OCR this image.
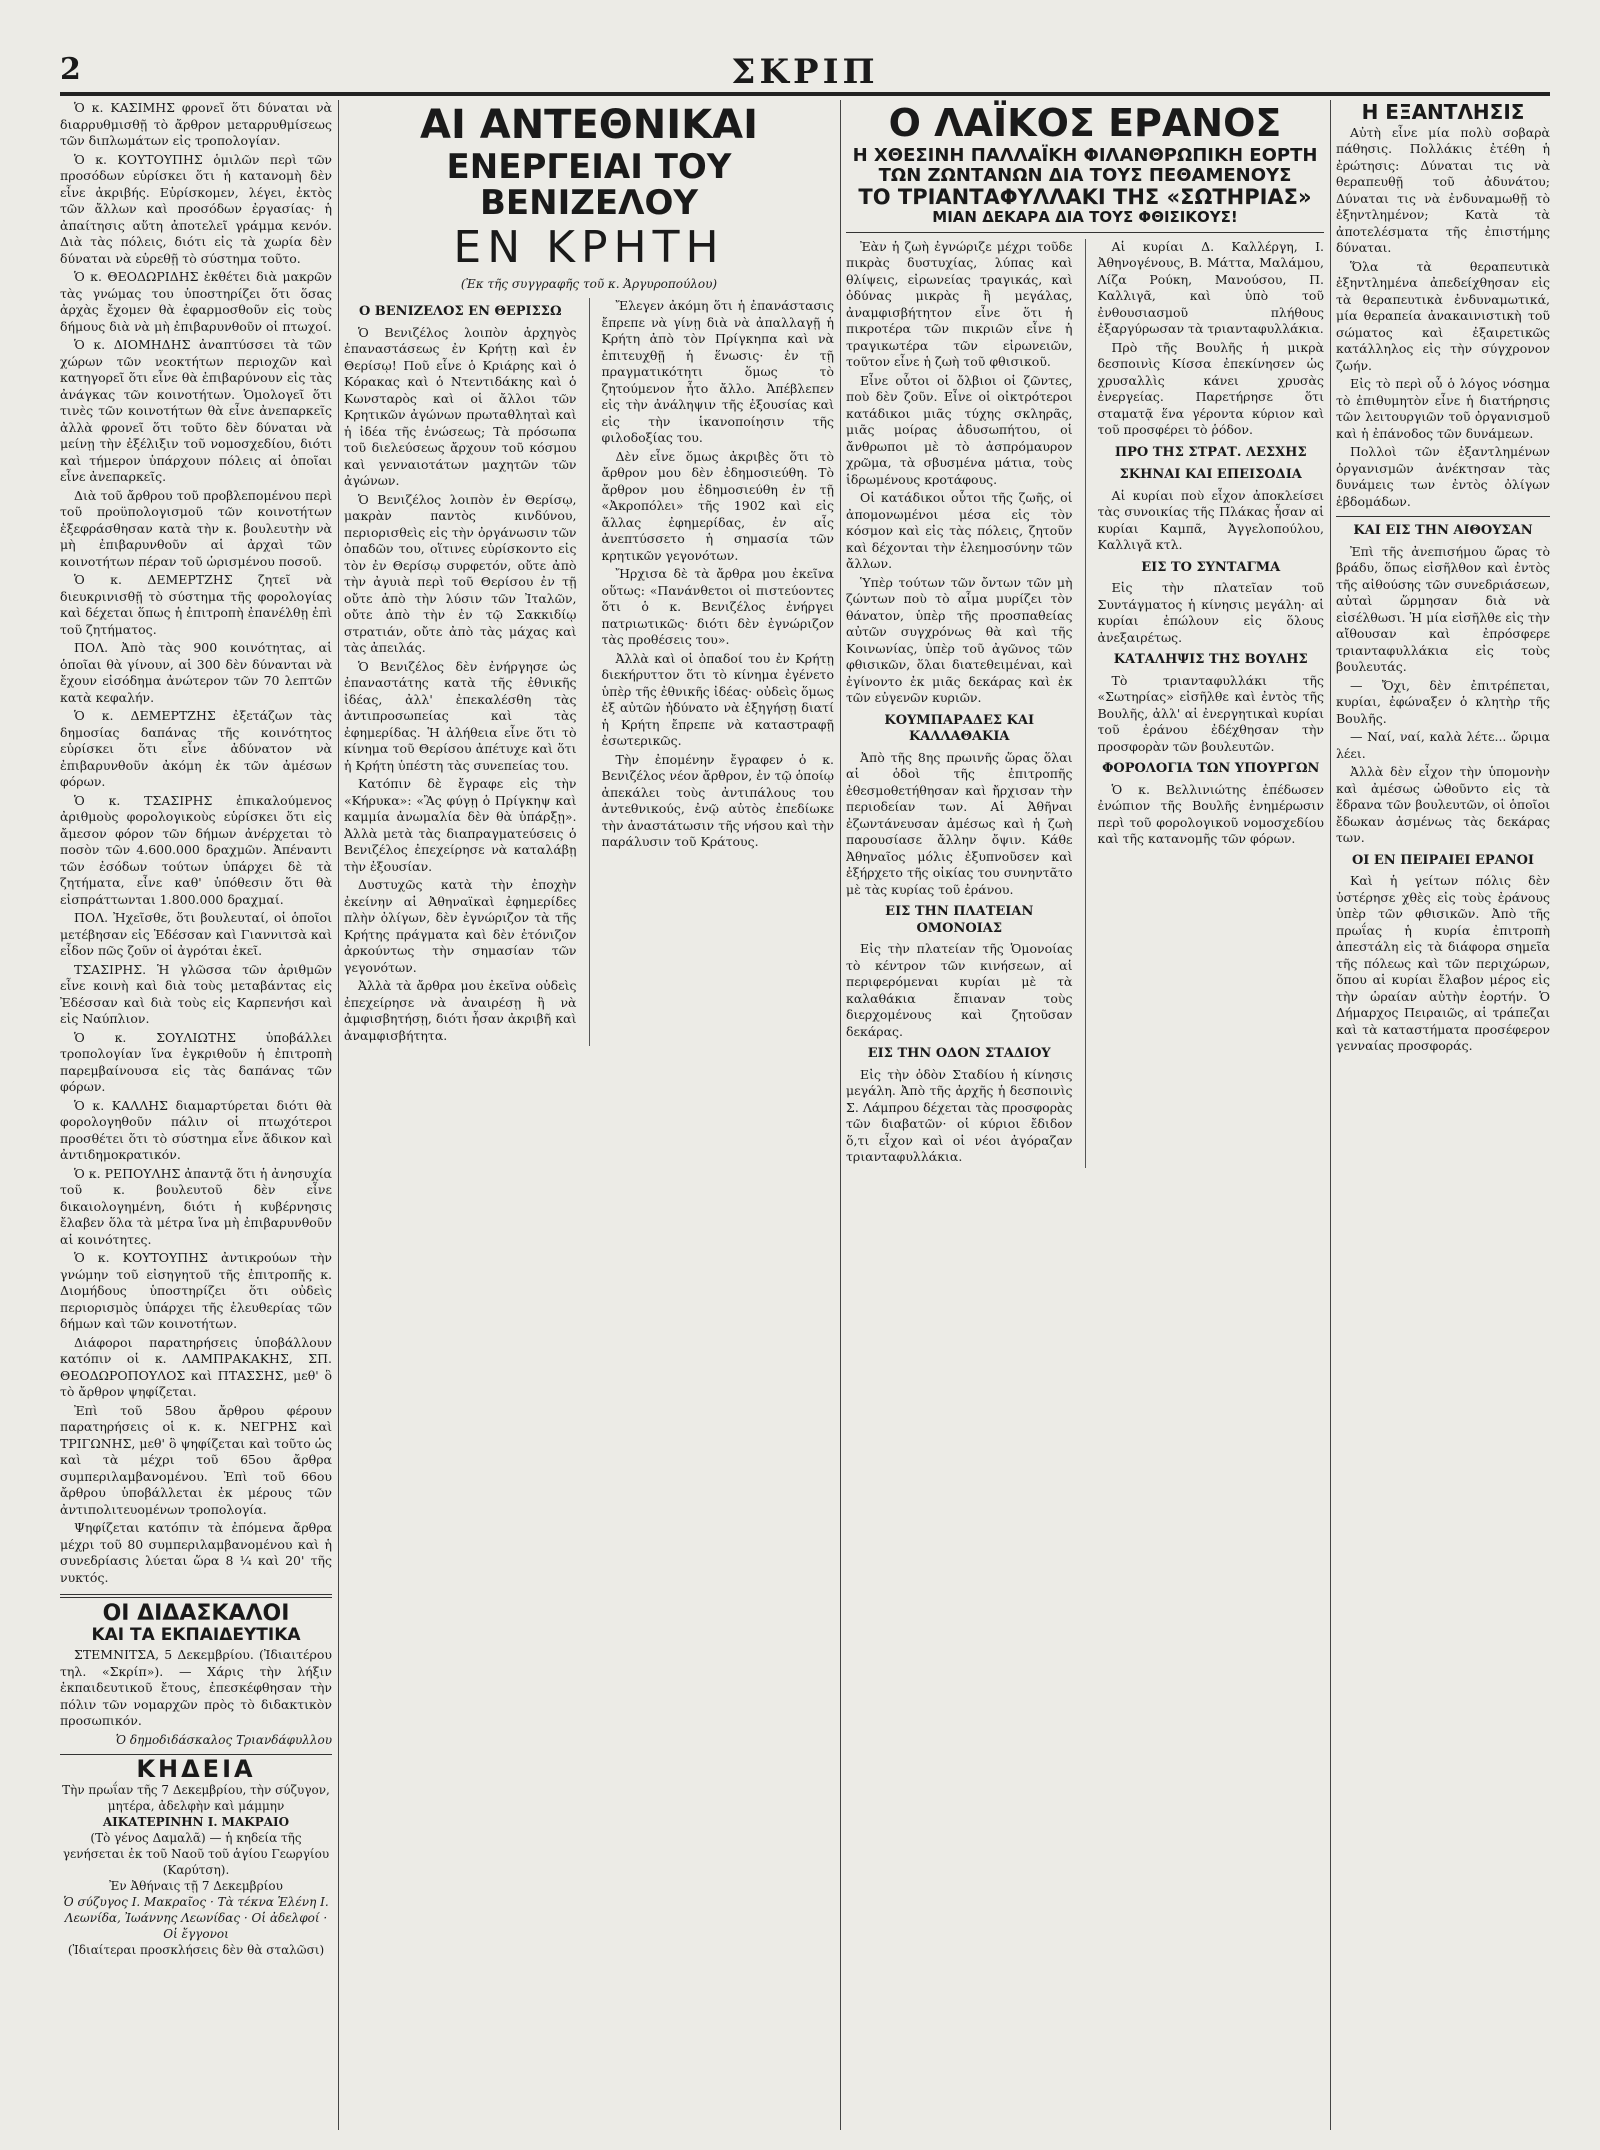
2	ΣΚΡΙΠ

Ὁ κ. ΚΑΣΙΜΗΣ φρονεῖ ὅτι δύναται νὰ διαρρυθμισθῇ τὸ ἄρθρον μεταρρυθμίσεως τῶν διπλωμάτων εἰς τροπολογίαν.

Ὁ κ. ΚΟΥΤΟΥΠΗΣ ὁμιλῶν περὶ τῶν προσόδων εὑρίσκει ὅτι ἡ κατανομὴ δὲν εἶνε ἀκριβής. Εὑρίσκομεν, λέγει, ἐκτὸς τῶν ἄλλων καὶ προσόδων ἐργασίας· ἡ ἀπαίτησις αὕτη ἀποτελεῖ γράμμα κενόν. Διὰ τὰς πόλεις, διότι εἰς τὰ χωρία δὲν δύναται νὰ εὑρεθῇ τὸ σύστημα τοῦτο.

Ὁ κ. ΘΕΟΔΩΡΙΔΗΣ ἐκθέτει διὰ μακρῶν τὰς γνώμας του ὑποστηρίζει ὅτι ὅσας ἀρχὰς ἔχομεν θὰ ἐφαρμοσθοῦν εἰς τοὺς δήμους διὰ νὰ μὴ ἐπιβαρυνθοῦν οἱ πτωχοί.

Ὁ κ. ΔΙΟΜΗΔΗΣ ἀναπτύσσει τὰ τῶν χώρων τῶν νεοκτήτων περιοχῶν καὶ κατηγορεῖ ὅτι εἶνε θὰ ἐπιβαρύνουν εἰς τὰς ἀνάγκας τῶν κοινοτήτων. Ὁμολογεῖ ὅτι τινὲς τῶν κοινοτήτων θὰ εἶνε ἀνεπαρκεῖς ἀλλὰ φρονεῖ ὅτι τοῦτο δὲν δύναται νὰ μείνῃ τὴν ἐξέλιξιν τοῦ νομοσχεδίου, διότι καὶ τήμερον ὑπάρχουν πόλεις αἱ ὁποῖαι εἶνε ἀνεπαρκεῖς.

Διὰ τοῦ ἄρθρου τοῦ προβλεπομένου περὶ τοῦ προϋπολογισμοῦ τῶν κοινοτήτων ἐξεφράσθησαν κατὰ τὴν κ. βουλευτὴν νὰ μὴ ἐπιβαρυνθοῦν αἱ ἀρχαὶ τῶν κοινοτήτων πέραν τοῦ ὡρισμένου ποσοῦ.

Ὁ κ. ΔΕΜΕΡΤΖΗΣ ζητεῖ νὰ διευκρινισθῇ τὸ σύστημα τῆς φορολογίας καὶ δέχεται ὅπως ἡ ἐπιτροπὴ ἐπανέλθῃ ἐπὶ τοῦ ζητήματος.

ΠΟΛ. Ἀπὸ τὰς 900 κοινότητας, αἱ ὁποῖαι θὰ γίνουν, αἱ 300 δὲν δύνανται νὰ ἔχουν εἰσόδημα ἀνώτερον τῶν 70 λεπτῶν κατὰ κεφαλήν.

Ὁ κ. ΔΕΜΕΡΤΖΗΣ ἐξετάζων τὰς δημοσίας δαπάνας τῆς κοινότητος εὑρίσκει ὅτι εἶνε ἀδύνατον νὰ ἐπιβαρυνθοῦν ἀκόμη ἐκ τῶν ἀμέσων φόρων.

Ὁ κ. ΤΣΑΣΙΡΗΣ ἐπικαλούμενος ἀριθμοὺς φορολογικοὺς εὑρίσκει ὅτι εἰς ἄμεσον φόρον τῶν δήμων ἀνέρχεται τὸ ποσὸν τῶν 4.600.000 δραχμῶν. Ἀπέναντι τῶν ἐσόδων τούτων ὑπάρχει δὲ τὰ ζητήματα, εἶνε καθ' ὑπόθεσιν ὅτι θὰ εἰσπράττωνται 1.800.000 δραχμαί.

ΠΟΛ. Ἠχεῖσθε, ὅτι βουλευταί, οἱ ὁποῖοι μετέβησαν εἰς Ἐδέσσαν καὶ Γιαννιτσὰ καὶ εἶδον πῶς ζοῦν οἱ ἀγρόται ἐκεῖ.

ΤΣΑΣΙΡΗΣ. Ἡ γλῶσσα τῶν ἀριθμῶν εἶνε κοινὴ καὶ διὰ τοὺς μεταβάντας εἰς Ἐδέσσαν καὶ διὰ τοὺς εἰς Καρπενήσι καὶ εἰς Ναύπλιον.

Ὁ κ. ΣΟΥΛΙΩΤΗΣ ὑποβάλλει τροπολογίαν ἵνα ἐγκριθοῦν ἡ ἐπιτροπὴ παρεμβαίνουσα εἰς τὰς δαπάνας τῶν φόρων.

Ὁ κ. ΚΑΛΛΗΣ διαμαρτύρεται διότι θὰ φορολογηθοῦν πάλιν οἱ πτωχότεροι προσθέτει ὅτι τὸ σύστημα εἶνε ἄδικον καὶ ἀντιδημοκρατικόν.

Ὁ κ. ΡΕΠΟΥΛΗΣ ἀπαντᾷ ὅτι ἡ ἀνησυχία τοῦ κ. βουλευτοῦ δὲν εἶνε δικαιολογημένη, διότι ἡ κυβέρνησις ἔλαβεν ὅλα τὰ μέτρα ἵνα μὴ ἐπιβαρυνθοῦν αἱ κοινότητες.

Ὁ κ. ΚΟΥΤΟΥΠΗΣ ἀντικρούων τὴν γνώμην τοῦ εἰσηγητοῦ τῆς ἐπιτροπῆς κ. Διομήδους ὑποστηρίζει ὅτι οὐδεὶς περιορισμὸς ὑπάρχει τῆς ἐλευθερίας τῶν δήμων καὶ τῶν κοινοτήτων.

Διάφοροι παρατηρήσεις ὑποβάλλουν κατόπιν οἱ κ. ΛΑΜΠΡΑΚΑΚΗΣ, ΣΠ. ΘΕΟΔΩΡΟΠΟΥΛΟΣ καὶ ΠΤΑΣΣΗΣ, μεθ' ὃ τὸ ἄρθρον ψηφίζεται.

Ἐπὶ τοῦ 58ου ἄρθρου φέρουν παρατηρήσεις οἱ κ. κ. ΝΕΓΡΗΣ καὶ ΤΡΙΓΩΝΗΣ, μεθ' ὃ ψηφίζεται καὶ τοῦτο ὡς καὶ τὰ μέχρι τοῦ 65ου ἄρθρα συμπεριλαμβανομένου. Ἐπὶ τοῦ 66ου ἄρθρου ὑποβάλλεται ἐκ μέρους τῶν ἀντιπολιτευομένων τροπολογία.

Ψηφίζεται κατόπιν τὰ ἐπόμενα ἄρθρα μέχρι τοῦ 80 συμπεριλαμβανομένου καὶ ἡ συνεδρίασις λύεται ὥρα 8 ¼ καὶ 20' τῆς νυκτός.

ΟΙ ΔΙΔΑΣΚΑΛΟΙ
ΚΑΙ ΤΑ ΕΚΠΑΙΔΕΥΤΙΚΑ

ΣΤΕΜΝΙΤΣΑ, 5 Δεκεμβρίου. (Ἰδιαιτέρου τηλ. «Σκρίπ»). — Χάρις τὴν λήξιν ἐκπαιδευτικοῦ ἔτους, ἐπεσκέφθησαν τὴν πόλιν τῶν νομαρχῶν πρὸς τὸ διδακτικὸν προσωπικόν.

Ὁ δημοδιδάσκαλος Τριανδάφυλλου
ΚΗΔΕΙΑ
Τὴν πρωΐαν τῆς 7 Δεκεμβρίου, τὴν σύζυγον, μητέρα, ἀδελφὴν καὶ μάμμην
ΑΙΚΑΤΕΡΙΝΗΝ Ι. ΜΑΚΡΑΙΟ
(Τὸ γένος Δαμαλᾶ) — ἡ κηδεία τῆς γενήσεται ἐκ τοῦ Ναοῦ τοῦ ἁγίου Γεωργίου (Καρύτση).
Ἐν Ἀθήναις τῇ 7 Δεκεμβρίου
Ὁ σύζυγος Ι. Μακραῖος · Τὰ τέκνα Ἑλένη Ι. Λεωνίδα, Ἰωάννης Λεωνίδας · Οἱ ἀδελφοί · Οἱ ἔγγονοι
(Ἰδιαίτεραι προσκλήσεις δὲν θὰ σταλῶσι)
ΑΙ ΑΝΤΕΘΝΙΚΑΙ
ΕΝΕΡΓΕΙΑΙ ΤΟΥ ΒΕΝΙΖΕΛΟΥ
ΕΝ ΚΡΗΤΗ
(Ἐκ τῆς συγγραφῆς τοῦ κ. Ἀργυροπούλου)
Ο ΒΕΝΙΖΕΛΟΣ ΕΝ ΘΕΡΙΣΣΩ

Ὁ Βενιζέλος λοιπὸν ἀρχηγὸς ἐπαναστάσεως ἐν Κρήτῃ καὶ ἐν Θερίσῳ! Ποῦ εἶνε ὁ Κριάρης καὶ ὁ Κόρακας καὶ ὁ Ντεντιδάκης καὶ ὁ Κωνσταρὸς καὶ οἱ ἄλλοι τῶν Κρητικῶν ἀγώνων πρωταθληταὶ καὶ ἡ ἰδέα τῆς ἑνώσεως; Τὰ πρόσωπα τοῦ διελεύσεως ἄρχουν τοῦ κόσμου καὶ γενναιοτάτων μαχητῶν τῶν ἀγώνων.

Ὁ Βενιζέλος λοιπὸν ἐν Θερίσῳ, μακρὰν παντὸς κινδύνου, περιορισθεὶς εἰς τὴν ὀργάνωσιν τῶν ὀπαδῶν του, οἵτινες εὑρίσκοντο εἰς τὸν ἐν Θερίσῳ συρφετόν, οὔτε ἀπὸ τὴν ἀγυιὰ περὶ τοῦ Θερίσου ἐν τῇ οὔτε ἀπὸ τὴν λύσιν τῶν Ἰταλῶν, οὔτε ἀπὸ τὴν ἐν τῷ Σακκιδίῳ στρατιάν, οὔτε ἀπὸ τὰς μάχας καὶ τὰς ἀπειλάς.

Ὁ Βενιζέλος δὲν ἐνήργησε ὡς ἐπαναστάτης κατὰ τῆς ἐθνικῆς ἰδέας, ἀλλ' ἐπεκαλέσθη τὰς ἀντιπροσωπείας καὶ τὰς ἐφημερίδας. Ἡ ἀλήθεια εἶνε ὅτι τὸ κίνημα τοῦ Θερίσου ἀπέτυχε καὶ ὅτι ἡ Κρήτη ὑπέστη τὰς συνεπείας του.

Κατόπιν δὲ ἔγραφε εἰς τὴν «Κήρυκα»: «Ἂς φύγῃ ὁ Πρίγκηψ καὶ καμμία ἀνωμαλία δὲν θὰ ὑπάρξῃ». Ἀλλὰ μετὰ τὰς διαπραγματεύσεις ὁ Βενιζέλος ἐπεχείρησε νὰ καταλάβῃ τὴν ἐξουσίαν.

Δυστυχῶς κατὰ τὴν ἐποχὴν ἐκείνην αἱ Ἀθηναϊκαὶ ἐφημερίδες πλὴν ὀλίγων, δὲν ἐγνώριζον τὰ τῆς Κρήτης πράγματα καὶ δὲν ἐτόνιζον ἀρκούντως τὴν σημασίαν τῶν γεγονότων.

Ἀλλὰ τὰ ἄρθρα μου ἐκεῖνα οὐδεὶς ἐπεχείρησε νὰ ἀναιρέσῃ ἢ νὰ ἀμφισβητήσῃ, διότι ἦσαν ἀκριβῆ καὶ ἀναμφισβήτητα.

Ἔλεγεν ἀκόμη ὅτι ἡ ἐπανάστασις ἔπρεπε νὰ γίνῃ διὰ νὰ ἀπαλλαγῇ ἡ Κρήτη ἀπὸ τὸν Πρίγκηπα καὶ νὰ ἐπιτευχθῇ ἡ ἕνωσις· ἐν τῇ πραγματικότητι ὅμως τὸ ζητούμενον ἦτο ἄλλο. Ἀπέβλεπεν εἰς τὴν ἀνάληψιν τῆς ἐξουσίας καὶ εἰς τὴν ἱκανοποίησιν τῆς φιλοδοξίας του.

Δὲν εἶνε ὅμως ἀκριβὲς ὅτι τὸ ἄρθρον μου δὲν ἐδημοσιεύθη. Τὸ ἄρθρον μου ἐδημοσιεύθη ἐν τῇ «Ἀκροπόλει» τῆς 1902 καὶ εἰς ἄλλας ἐφημερίδας, ἐν αἷς ἀνεπτύσσετο ἡ σημασία τῶν κρητικῶν γεγονότων.

Ἤρχισα δὲ τὰ ἄρθρα μου ἐκεῖνα οὕτως: «Πανάνθετοι οἱ πιστεύοντες ὅτι ὁ κ. Βενιζέλος ἐνήργει πατριωτικῶς· διότι δὲν ἐγνώριζον τὰς προθέσεις του».

Ἀλλὰ καὶ οἱ ὀπαδοί του ἐν Κρήτῃ διεκήρυττον ὅτι τὸ κίνημα ἐγένετο ὑπὲρ τῆς ἐθνικῆς ἰδέας· οὐδεὶς ὅμως ἐξ αὐτῶν ἠδύνατο νὰ ἐξηγήσῃ διατί ἡ Κρήτη ἔπρεπε νὰ καταστραφῇ ἐσωτερικῶς.

Τὴν ἐπομένην ἔγραφεν ὁ κ. Βενιζέλος νέον ἄρθρον, ἐν τῷ ὁποίῳ ἀπεκάλει τοὺς ἀντιπάλους του ἀντεθνικούς, ἐνῷ αὐτὸς ἐπεδίωκε τὴν ἀναστάτωσιν τῆς νήσου καὶ τὴν παράλυσιν τοῦ Κράτους.

Ο ΛΑΪΚΟΣ ΕΡΑΝΟΣ
Η ΧΘΕΣΙΝΗ ΠΑΛΛΑΪΚΗ ΦΙΛΑΝΘΡΩΠΙΚΗ ΕΟΡΤΗ
ΤΩΝ ΖΩΝΤΑΝΩΝ ΔΙΑ ΤΟΥΣ ΠΕΘΑΜΕΝΟΥΣ
ΤΟ ΤΡΙΑΝΤΑΦΥΛΛΑΚΙ ΤΗΣ «ΣΩΤΗΡΙΑΣ»
ΜΙΑΝ ΔΕΚΑΡΑ ΔΙΑ ΤΟΥΣ ΦΘΙΣΙΚΟΥΣ!

Ἐὰν ἡ ζωὴ ἐγνώριζε μέχρι τοῦδε πικρὰς δυστυχίας, λύπας καὶ θλίψεις, εἰρωνείας τραγικάς, καὶ ὀδύνας μικρὰς ἢ μεγάλας, ἀναμφισβήτητον εἶνε ὅτι ἡ πικροτέρα τῶν πικριῶν εἶνε ἡ τραγικωτέρα τῶν εἰρωνειῶν, τοῦτον εἶνε ἡ ζωὴ τοῦ φθισικοῦ.

Εἶνε οὗτοι οἱ ὄλβιοι οἱ ζῶντες, ποὺ δὲν ζοῦν. Εἶνε οἱ οἰκτρότεροι κατάδικοι μιᾶς τύχης σκληρᾶς, μιᾶς μοίρας ἀδυσωπήτου, οἱ ἄνθρωποι μὲ τὸ ἀσπρόμαυρον χρῶμα, τὰ σβυσμένα μάτια, τοὺς ἱδρωμένους κροτάφους.

Οἱ κατάδικοι οὗτοι τῆς ζωῆς, οἱ ἀπομονωμένοι μέσα εἰς τὸν κόσμον καὶ εἰς τὰς πόλεις, ζητοῦν καὶ δέχονται τὴν ἐλεημοσύνην τῶν ἄλλων.

Ὑπὲρ τούτων τῶν ὄντων τῶν μὴ ζώντων ποὺ τὸ αἷμα μυρίζει τὸν θάνατον, ὑπὲρ τῆς προσπαθείας αὐτῶν συγχρόνως θὰ καὶ τῆς Κοινωνίας, ὑπὲρ τοῦ ἀγῶνος τῶν φθισικῶν, ὅλαι διατεθειμέναι, καὶ ἐγίνοντο ἐκ μιᾶς δεκάρας καὶ ἐκ τῶν εὐγενῶν κυριῶν.

ΚΟΥΜΠΑΡΑΔΕΣ ΚΑΙ ΚΑΛΛΑΘΑΚΙΑ

Ἀπὸ τῆς 8ης πρωινῆς ὥρας ὅλαι αἱ ὁδοὶ τῆς ἐπιτροπῆς ἐθεσμοθετήθησαν καὶ ἤρχισαν τὴν περιοδείαν των. Αἱ Ἀθῆναι ἐζωντάνευσαν ἀμέσως καὶ ἡ ζωὴ παρουσίασε ἄλλην ὄψιν. Κάθε Ἀθηναῖος μόλις ἐξυπνοῦσεν καὶ ἐξήρχετο τῆς οἰκίας του συνηντᾶτο μὲ τὰς κυρίας τοῦ ἐράνου.

ΕΙΣ ΤΗΝ ΠΛΑΤΕΙΑΝ ΟΜΟΝΟΙΑΣ

Εἰς τὴν πλατείαν τῆς Ὁμονοίας τὸ κέντρον τῶν κινήσεων, αἱ περιφερόμεναι κυρίαι μὲ τὰ καλαθάκια ἔπιαναν τοὺς διερχομένους καὶ ζητοῦσαν δεκάρας.

ΕΙΣ ΤΗΝ ΟΔΟΝ ΣΤΑΔΙΟΥ

Εἰς τὴν ὁδὸν Σταδίου ἡ κίνησις μεγάλη. Ἀπὸ τῆς ἀρχῆς ἡ δεσποινὶς Σ. Λάμπρου δέχεται τὰς προσφορὰς τῶν διαβατῶν· οἱ κύριοι ἔδιδον ὅ,τι εἶχον καὶ οἱ νέοι ἀγόραζαν τριανταφυλλάκια.

Αἱ κυρίαι Δ. Καλλέργη, Ι. Ἀθηνογένους, Β. Μάττα, Μαλάμου, Λίζα Ρούκη, Μανούσου, Π. Καλλιγᾶ, καὶ ὑπὸ τοῦ ἐνθουσιασμοῦ πλήθους ἐξαργύρωσαν τὰ τριανταφυλλάκια.

Πρὸ τῆς Βουλῆς ἡ μικρὰ δεσποινὶς Κίσσα ἐπεκίνησεν ὡς χρυσαλλὶς κάνει χρυσὰς ἐνεργείας. Παρετήρησε ὅτι σταματᾷ ἕνα γέροντα κύριον καὶ τοῦ προσφέρει τὸ ῥόδον.

ΠΡΟ ΤΗΣ ΣΤΡΑΤ. ΛΕΣΧΗΣ
ΣΚΗΝΑΙ ΚΑΙ ΕΠΕΙΣΟΔΙΑ

Αἱ κυρίαι ποὺ εἶχον ἀποκλείσει τὰς συνοικίας τῆς Πλάκας ἦσαν αἱ κυρίαι Καμπᾶ, Ἀγγελοπούλου, Καλλιγᾶ κτλ.

ΕΙΣ ΤΟ ΣΥΝΤΑΓΜΑ

Εἰς τὴν πλατεῖαν τοῦ Συντάγματος ἡ κίνησις μεγάλη· αἱ κυρίαι ἐπώλουν εἰς ὅλους ἀνεξαιρέτως.

ΚΑΤΑΛΗΨΙΣ ΤΗΣ ΒΟΥΛΗΣ

Τὸ τριανταφυλλάκι τῆς «Σωτηρίας» εἰσῆλθε καὶ ἐντὸς τῆς Βουλῆς, ἀλλ' αἱ ἐνεργητικαὶ κυρίαι τοῦ ἐράνου ἐδέχθησαν τὴν προσφορὰν τῶν βουλευτῶν.

ΦΟΡΟΛΟΓΙΑ ΤΩΝ ΥΠΟΥΡΓΩΝ

Ὁ κ. Βελλινιώτης ἐπέδωσεν ἐνώπιον τῆς Βουλῆς ἐνημέρωσιν περὶ τοῦ φορολογικοῦ νομοσχεδίου καὶ τῆς κατανομῆς τῶν φόρων.

Η ΕΞΑΝΤΛΗΣΙΣ

Αὐτὴ εἶνε μία πολὺ σοβαρὰ πάθησις. Πολλάκις ἐτέθη ἡ ἐρώτησις: Δύναται τις νὰ θεραπευθῇ τοῦ ἀδυνάτου; Δύναται τις νὰ ἐνδυναμωθῇ τὸ ἐξηντλημένον; Κατὰ τὰ ἀποτελέσματα τῆς ἐπιστήμης δύναται.

Ὅλα τὰ θεραπευτικὰ ἐξηντλημένα ἀπεδείχθησαν εἰς τὰ θεραπευτικὰ ἐνδυναμωτικά, μία θεραπεία ἀνακαινιστικὴ τοῦ σώματος καὶ ἐξαιρετικῶς κατάλληλος εἰς τὴν σύγχρονον ζωήν.

Εἰς τὸ περὶ οὗ ὁ λόγος νόσημα τὸ ἐπιθυμητὸν εἶνε ἡ διατήρησις τῶν λειτουργιῶν τοῦ ὀργανισμοῦ καὶ ἡ ἐπάνοδος τῶν δυνάμεων.

Πολλοὶ τῶν ἐξαντλημένων ὀργανισμῶν ἀνέκτησαν τὰς δυνάμεις των ἐντὸς ὀλίγων ἑβδομάδων.

ΚΑΙ ΕΙΣ ΤΗΝ ΑΙΘΟΥΣΑΝ

Ἐπὶ τῆς ἀνεπισήμου ὥρας τὸ βράδυ, ὅπως εἰσῆλθον καὶ ἐντὸς τῆς αἰθούσης τῶν συνεδριάσεων, αὐταὶ ὥρμησαν διὰ νὰ εἰσέλθωσι. Ἡ μία εἰσῆλθε εἰς τὴν αἴθουσαν καὶ ἐπρόσφερε τριανταφυλλάκια εἰς τοὺς βουλευτάς.

— Ὄχι, δὲν ἐπιτρέπεται, κυρίαι, ἐφώναξεν ὁ κλητὴρ τῆς Βουλῆς.

— Ναί, ναί, καλὰ λέτε... ὥριμα λέει.

Ἀλλὰ δὲν εἶχον τὴν ὑπομονὴν καὶ ἀμέσως ὠθοῦντο εἰς τὰ ἕδρανα τῶν βουλευτῶν, οἱ ὁποῖοι ἔδωκαν ἀσμένως τὰς δεκάρας των.

ΟΙ ΕΝ ΠΕΙΡΑΙΕΙ ΕΡΑΝΟΙ

Καὶ ἡ γείτων πόλις δὲν ὑστέρησε χθὲς εἰς τοὺς ἐράνους ὑπὲρ τῶν φθισικῶν. Ἀπὸ τῆς πρωΐας ἡ κυρία ἐπιτροπὴ ἀπεστάλη εἰς τὰ διάφορα σημεῖα τῆς πόλεως καὶ τῶν περιχώρων, ὅπου αἱ κυρίαι ἔλαβον μέρος εἰς τὴν ὡραίαν αὐτὴν ἐορτήν. Ὁ Δήμαρχος Πειραιῶς, αἱ τράπεζαι καὶ τὰ καταστήματα προσέφερον γενναίας προσφοράς.
